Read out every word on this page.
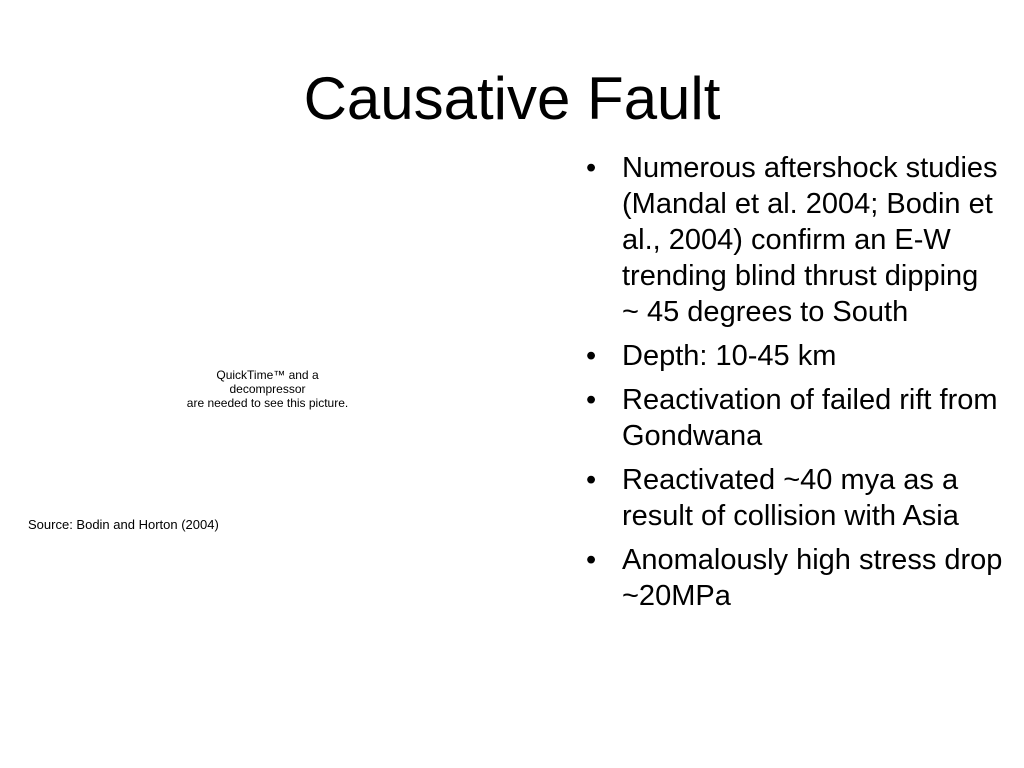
Causative Fault
QuickTime™ and a
decompressor
are needed to see this picture.
Source: Bodin and Horton (2004)
• Numerous aftershock studies (Mandal et al. 2004; Bodin et al., 2004) confirm an E-W trending blind thrust dipping ~ 45 degrees to South
• Depth: 10-45 km
• Reactivation of failed rift from Gondwana
• Reactivated ~40 mya as a result of collision with Asia
• Anomalously high stress drop ~20MPa
